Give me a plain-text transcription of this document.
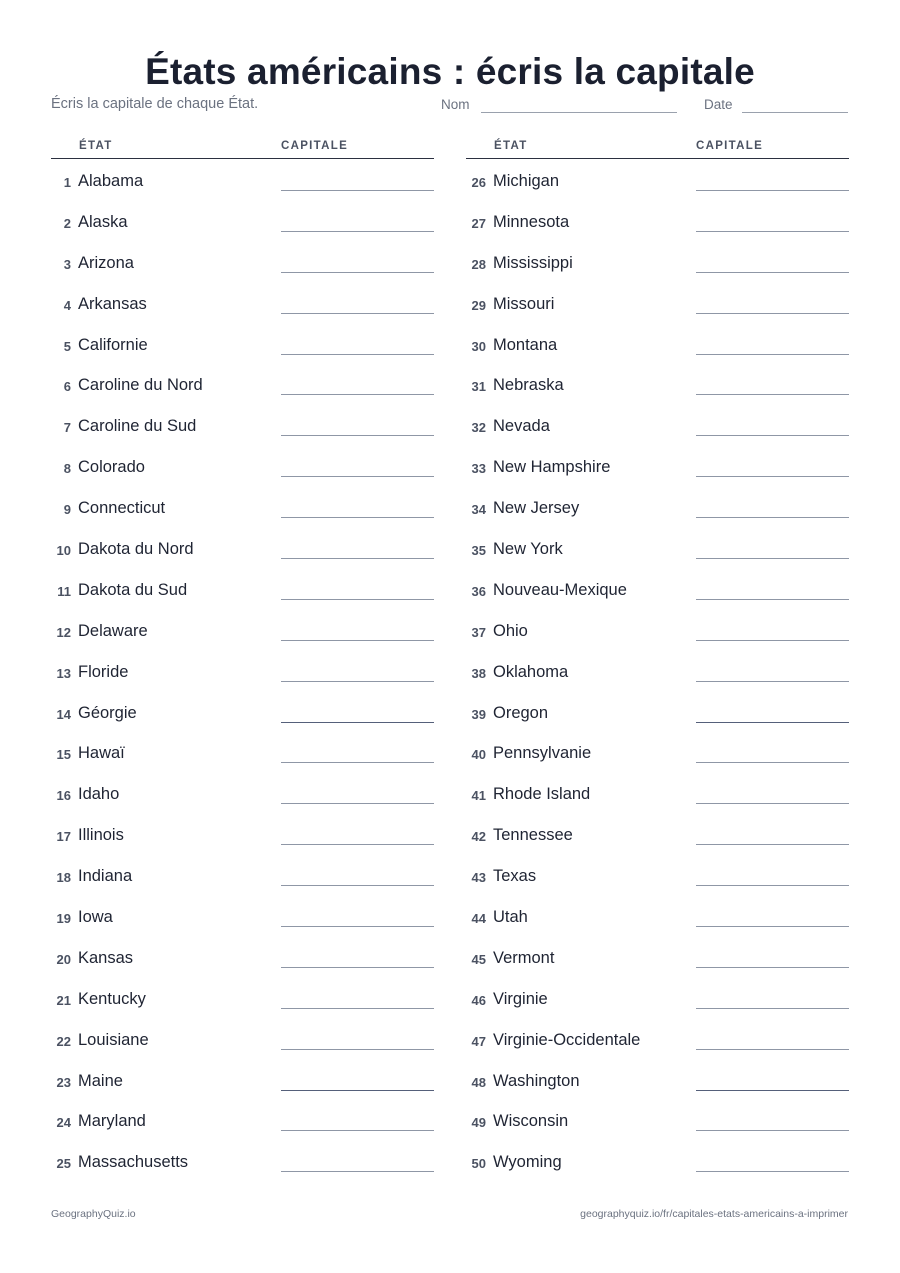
États américains : écris la capitale
Écris la capitale de chaque État.	Nom	Date
ÉTAT	CAPITALE
1 Alabama
2 Alaska
3 Arizona
4 Arkansas
5 Californie
6 Caroline du Nord
7 Caroline du Sud
8 Colorado
9 Connecticut
10 Dakota du Nord
11 Dakota du Sud
12 Delaware
13 Floride
14 Géorgie
15 Hawaï
16 Idaho
17 Illinois
18 Indiana
19 Iowa
20 Kansas
21 Kentucky
22 Louisiane
23 Maine
24 Maryland
25 Massachusetts
ÉTAT	CAPITALE
26 Michigan
27 Minnesota
28 Mississippi
29 Missouri
30 Montana
31 Nebraska
32 Nevada
33 New Hampshire
34 New Jersey
35 New York
36 Nouveau-Mexique
37 Ohio
38 Oklahoma
39 Oregon
40 Pennsylvanie
41 Rhode Island
42 Tennessee
43 Texas
44 Utah
45 Vermont
46 Virginie
47 Virginie-Occidentale
48 Washington
49 Wisconsin
50 Wyoming
GeographyQuiz.io	geographyquiz.io/fr/capitales-etats-americains-a-imprimer
